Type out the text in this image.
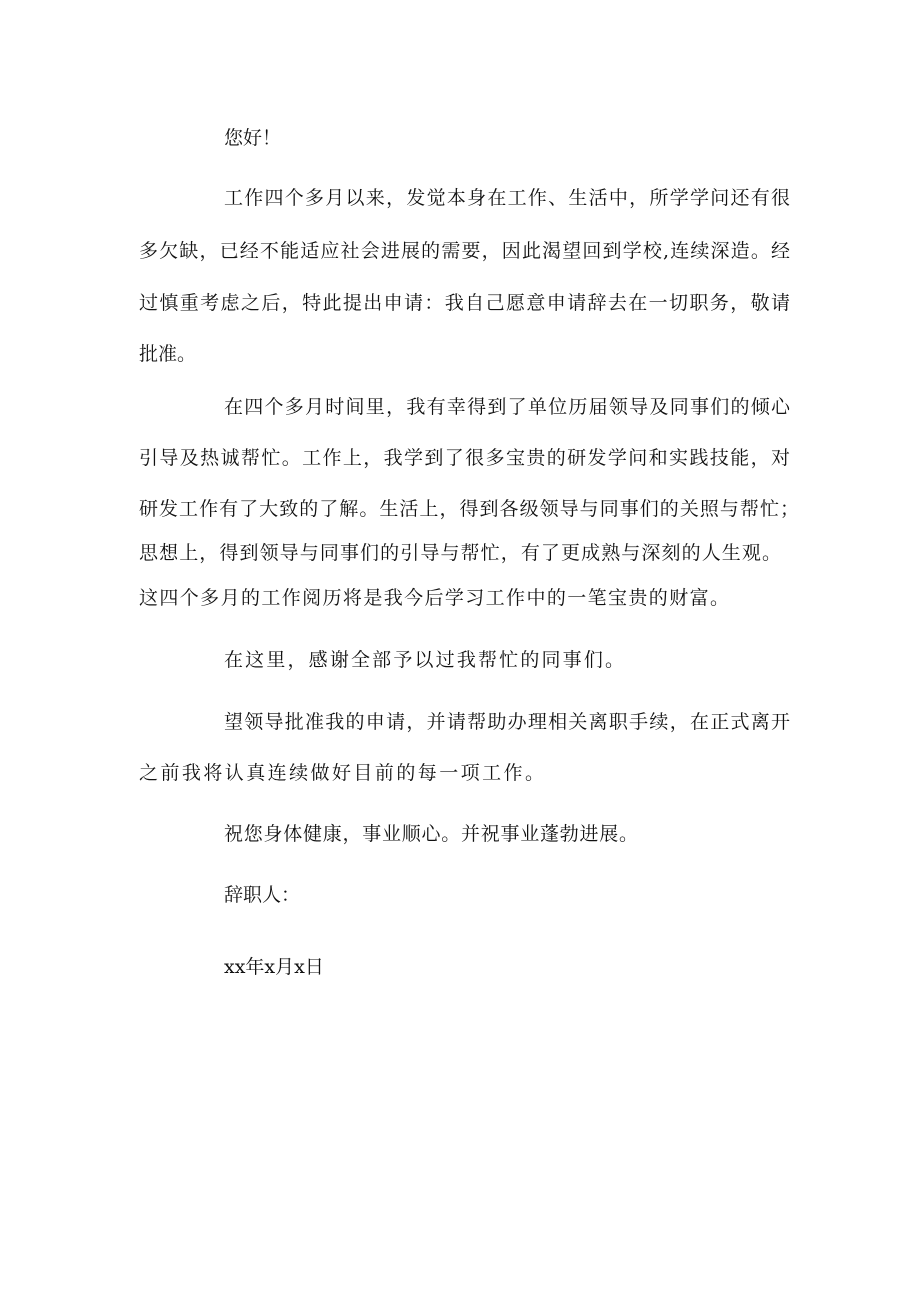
您好！
工作四个多月以来，发觉本身在工作、生活中，所学学问还有很
多欠缺，已经不能适应社会进展的需要，因此渴望回到学校,连续深造。经
过慎重考虑之后，特此提出申请：我自己愿意申请辞去在一切职务，敬请
批准。
在四个多月时间里，我有幸得到了单位历届领导及同事们的倾心
引导及热诚帮忙。工作上，我学到了很多宝贵的研发学问和实践技能，对
研发工作有了大致的了解。生活上，得到各级领导与同事们的关照与帮忙；
思想上，得到领导与同事们的引导与帮忙，有了更成熟与深刻的人生观。
这四个多月的工作阅历将是我今后学习工作中的一笔宝贵的财富。
在这里，感谢全部予以过我帮忙的同事们。
望领导批准我的申请，并请帮助办理相关离职手续，在正式离开
之前我将认真连续做好目前的每一项工作。
祝您身体健康，事业顺心。并祝事业蓬勃进展。
辞职人：
xx年x月x日
